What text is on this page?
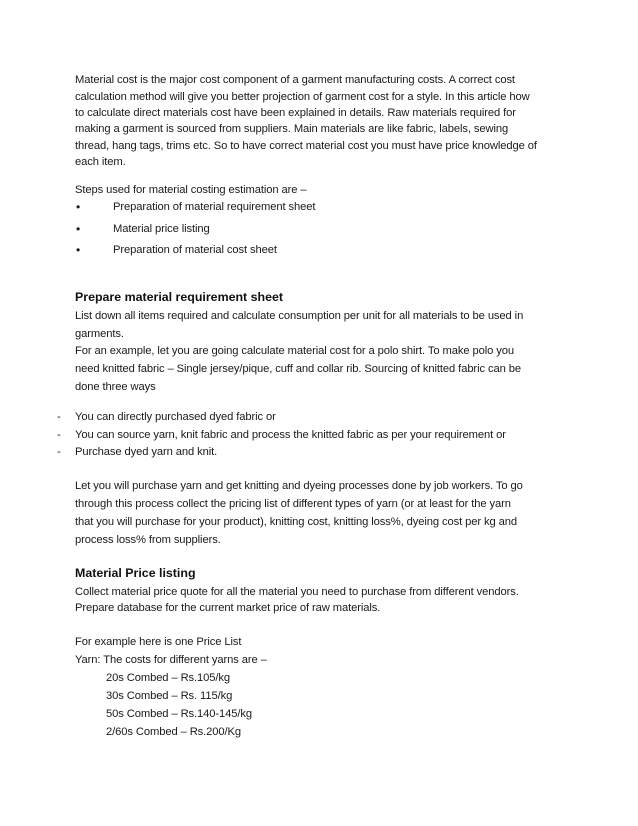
Material cost is the major cost component of a garment manufacturing costs. A correct cost
calculation method will give you better projection of garment cost for a style. In this article how
to calculate direct materials cost have been explained in details. Raw materials required for
making a garment is sourced from suppliers. Main materials are like fabric, labels, sewing
thread, hang tags, trims etc. So to have correct material cost you must have price knowledge of
each item.
Steps used for material costing estimation are –
•	Preparation of material requirement sheet
•	Material price listing
•	Preparation of material cost sheet
Prepare material requirement sheet
List down all items required and calculate consumption per unit for all materials to be used in
garments.
For an example, let you are going calculate material cost for a polo shirt. To make polo you
need knitted fabric – Single jersey/pique, cuff and collar rib. Sourcing of knitted fabric can be
done three ways
- You can directly purchased dyed fabric or
- You can source yarn, knit fabric and process the knitted fabric as per your requirement or
- Purchase dyed yarn and knit.
Let you will purchase yarn and get knitting and dyeing processes done by job workers. To go
through this process collect the pricing list of different types of yarn (or at least for the yarn
that you will purchase for your product), knitting cost, knitting loss%, dyeing cost per kg and
process loss% from suppliers.
Material Price listing
Collect material price quote for all the material you need to purchase from different vendors.
Prepare database for the current market price of raw materials.
For example here is one Price List
Yarn: The costs for different yarns are –
20s Combed – Rs.105/kg
30s Combed – Rs. 115/kg
50s Combed – Rs.140-145/kg
2/60s Combed – Rs.200/Kg
